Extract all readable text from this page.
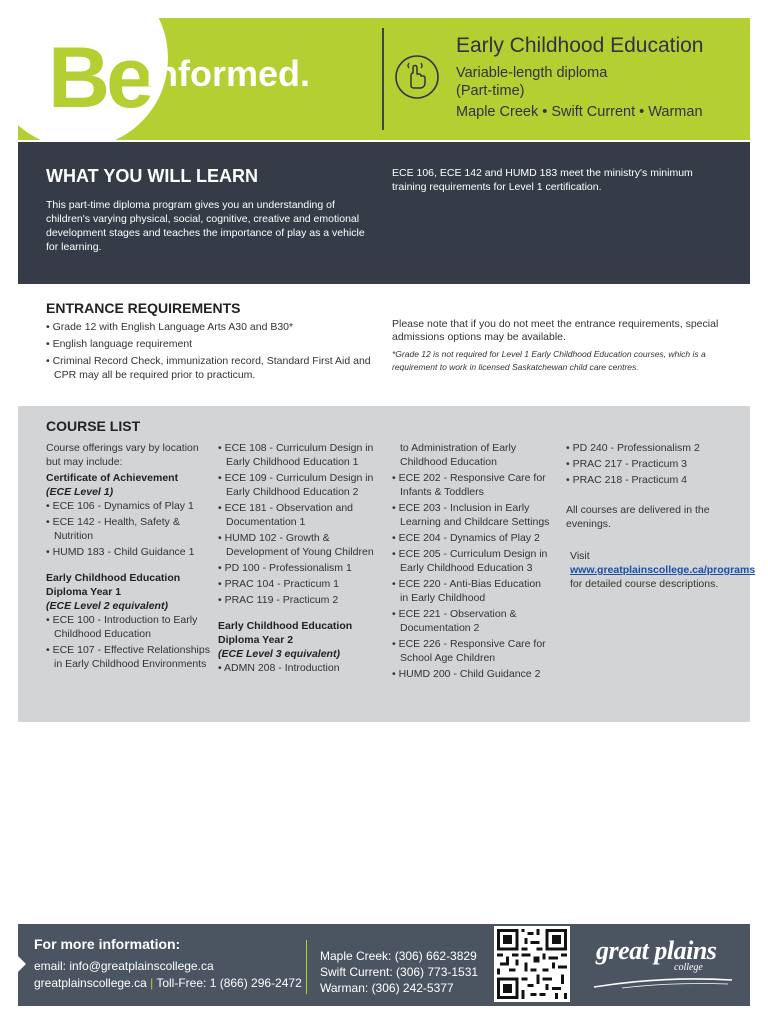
Be
informed.
Early Childhood Education
Variable-length diploma
(Part-time)
Maple Creek • Swift Current • Warman
WHAT YOU WILL LEARN
This part-time diploma program gives you an understanding of children's varying physical, social, cognitive, creative and emotional development stages and teaches the importance of play as a vehicle for learning.
ECE 106, ECE 142 and HUMD 183 meet the ministry's minimum training requirements for Level 1 certification.
ENTRANCE REQUIREMENTS
• Grade 12 with English Language Arts A30 and B30*
• English language requirement
• Criminal Record Check, immunization record, Standard First Aid and CPR may all be required prior to practicum.
Please note that if you do not meet the entrance requirements, special admissions options may be available.
*Grade 12 is not required for Level 1 Early Childhood Education courses, which is a requirement to work in licensed Saskatchewan child care centres.
COURSE LIST
Course offerings vary by location but may include:
Certificate of Achievement
(ECE Level 1)
• ECE 106 - Dynamics of Play 1
• ECE 142 - Health, Safety & Nutrition
• HUMD 183 - Child Guidance 1
Early Childhood Education Diploma Year 1
(ECE Level 2 equivalent)
• ECE 100 - Introduction to Early Childhood Education
• ECE 107 - Effective Relationships in Early Childhood Environments
• ECE 108 - Curriculum Design in Early Childhood Education 1
• ECE 109 - Curriculum Design in Early Childhood Education 2
• ECE 181 - Observation and Documentation 1
• HUMD 102 - Growth & Development of Young Children
• PD 100 - Professionalism 1
• PRAC 104 - Practicum 1
• PRAC 119 - Practicum 2
Early Childhood Education Diploma Year 2
(ECE Level 3 equivalent)
• ADMN 208 - Introduction
to Administration of Early Childhood Education
• ECE 202 - Responsive Care for Infants & Toddlers
• ECE 203 - Inclusion in Early Learning and Childcare Settings
• ECE 204 - Dynamics of Play 2
• ECE 205 - Curriculum Design in Early Childhood Education 3
• ECE 220 - Anti-Bias Education in Early Childhood
• ECE 221 - Observation & Documentation 2
• ECE 226 - Responsive Care for School Age Children
• HUMD 200 - Child Guidance 2
• PD 240 - Professionalism 2
• PRAC 217 - Practicum 3
• PRAC 218 - Practicum 4
All courses are delivered in the evenings.
Visit www.greatplainscollege.ca/programs for detailed course descriptions.
For more information:
email: info@greatplainscollege.ca
greatplainscollege.ca | Toll-Free: 1 (866) 296-2472
Maple Creek: (306) 662-3829
Swift Current: (306) 773-1531
Warman: (306) 242-5377
great plains
college
